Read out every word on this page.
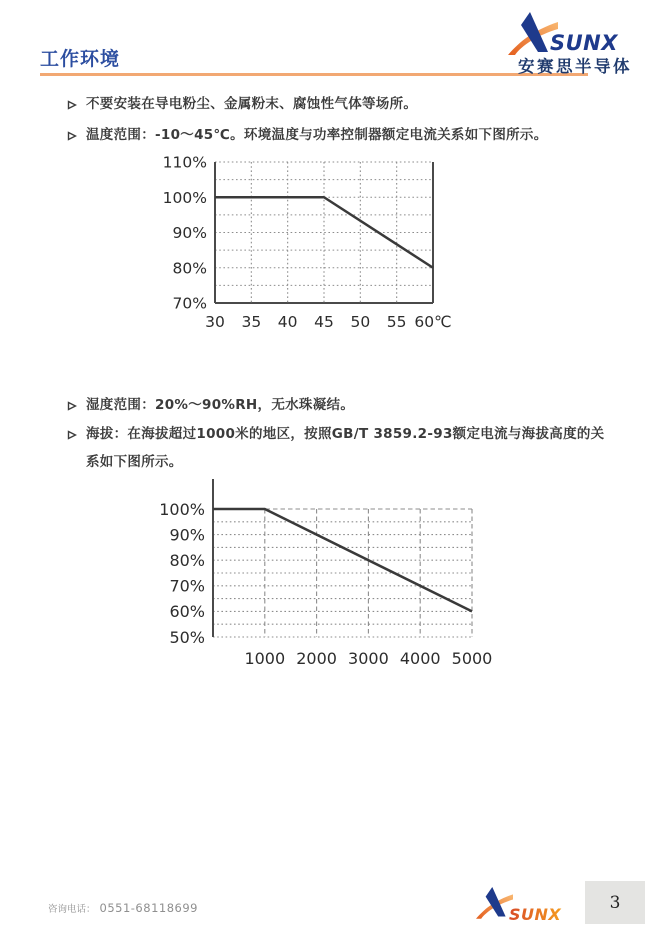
工作环境
SUNX
安赛思半导体
不要安装在导电粉尘、金属粉末、腐蚀性气体等场所。
温度范围：-10～45℃。环境温度与功率控制器额定电流关系如下图所示。
70%
80%
90%
100%
110%
30 35 40 45 50 55 60℃
湿度范围：20%～90%RH，无水珠凝结。
海拔：在海拔超过1000米的地区，按照GB/T 3859.2-93额定电流与海拔高度的关系如下图所示。
50%
60%
70%
80%
90%
100%
1000 2000 3000 4000 5000
咨询电话： 0551-68118699	SUNX
3
